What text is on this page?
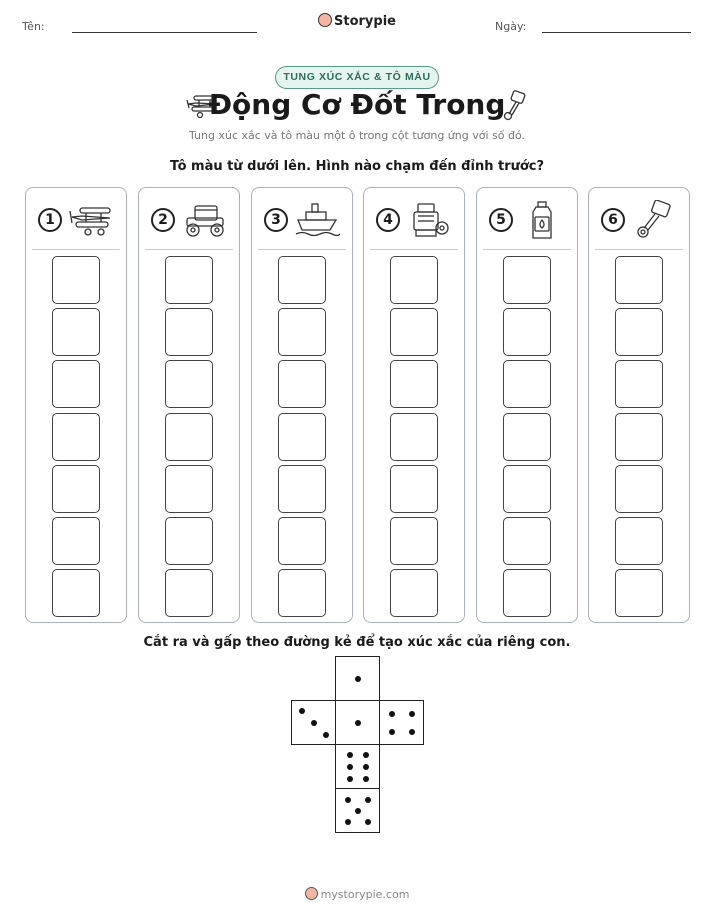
Tên:	Storypie	Ngày:
TUNG XÚC XẮC & TÔ MÀU
Động Cơ Đốt Trong
Tung xúc xắc và tô màu một ô trong cột tương ứng với số đó.
Tô màu từ dưới lên. Hình nào chạm đến đỉnh trước?
1	2	3	4	5	6
Cắt ra và gấp theo đường kẻ để tạo xúc xắc của riêng con.
mystorypie.com
